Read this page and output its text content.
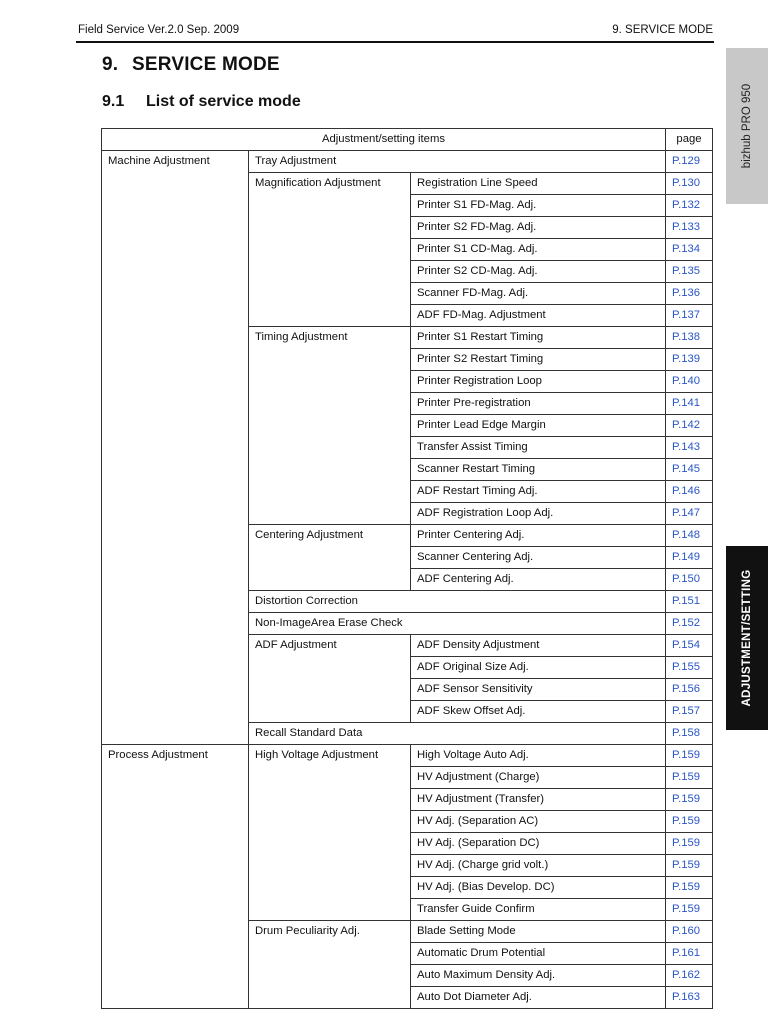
Field Service Ver.2.0 Sep. 2009	9. SERVICE MODE
9. SERVICE MODE
9.1 List of service mode	bizhub PRO 950
ADJUSTMENT/SETTING
Adjustment/setting items			page
Machine Adjustment	Tray Adjustment		P.129
	Magnification Adjustment	Registration Line Speed	P.130
		Printer S1 FD-Mag. Adj.	P.132
		Printer S2 FD-Mag. Adj.	P.133
		Printer S1 CD-Mag. Adj.	P.134
		Printer S2 CD-Mag. Adj.	P.135
		Scanner FD-Mag. Adj.	P.136
		ADF FD-Mag. Adjustment	P.137
	Timing Adjustment	Printer S1 Restart Timing	P.138
		Printer S2 Restart Timing	P.139
		Printer Registration Loop	P.140
		Printer Pre-registration	P.141
		Printer Lead Edge Margin	P.142
		Transfer Assist Timing	P.143
		Scanner Restart Timing	P.145
		ADF Restart Timing Adj.	P.146
		ADF Registration Loop Adj.	P.147
	Centering Adjustment	Printer Centering Adj.	P.148
		Scanner Centering Adj.	P.149
		ADF Centering Adj.	P.150
	Distortion Correction		P.151
	Non-ImageArea Erase Check		P.152
	ADF Adjustment	ADF Density Adjustment	P.154
		ADF Original Size Adj.	P.155
		ADF Sensor Sensitivity	P.156
		ADF Skew Offset Adj.	P.157
	Recall Standard Data		P.158
Process Adjustment	High Voltage Adjustment	High Voltage Auto Adj.	P.159
		HV Adjustment (Charge)	P.159
		HV Adjustment (Transfer)	P.159
		HV Adj. (Separation AC)	P.159
		HV Adj. (Separation DC)	P.159
		HV Adj. (Charge grid volt.)	P.159
		HV Adj. (Bias Develop. DC)	P.159
		Transfer Guide Confirm	P.159
	Drum Peculiarity Adj.	Blade Setting Mode	P.160
		Automatic Drum Potential	P.161
		Auto Maximum Density Adj.	P.162
		Auto Dot Diameter Adj.	P.163
